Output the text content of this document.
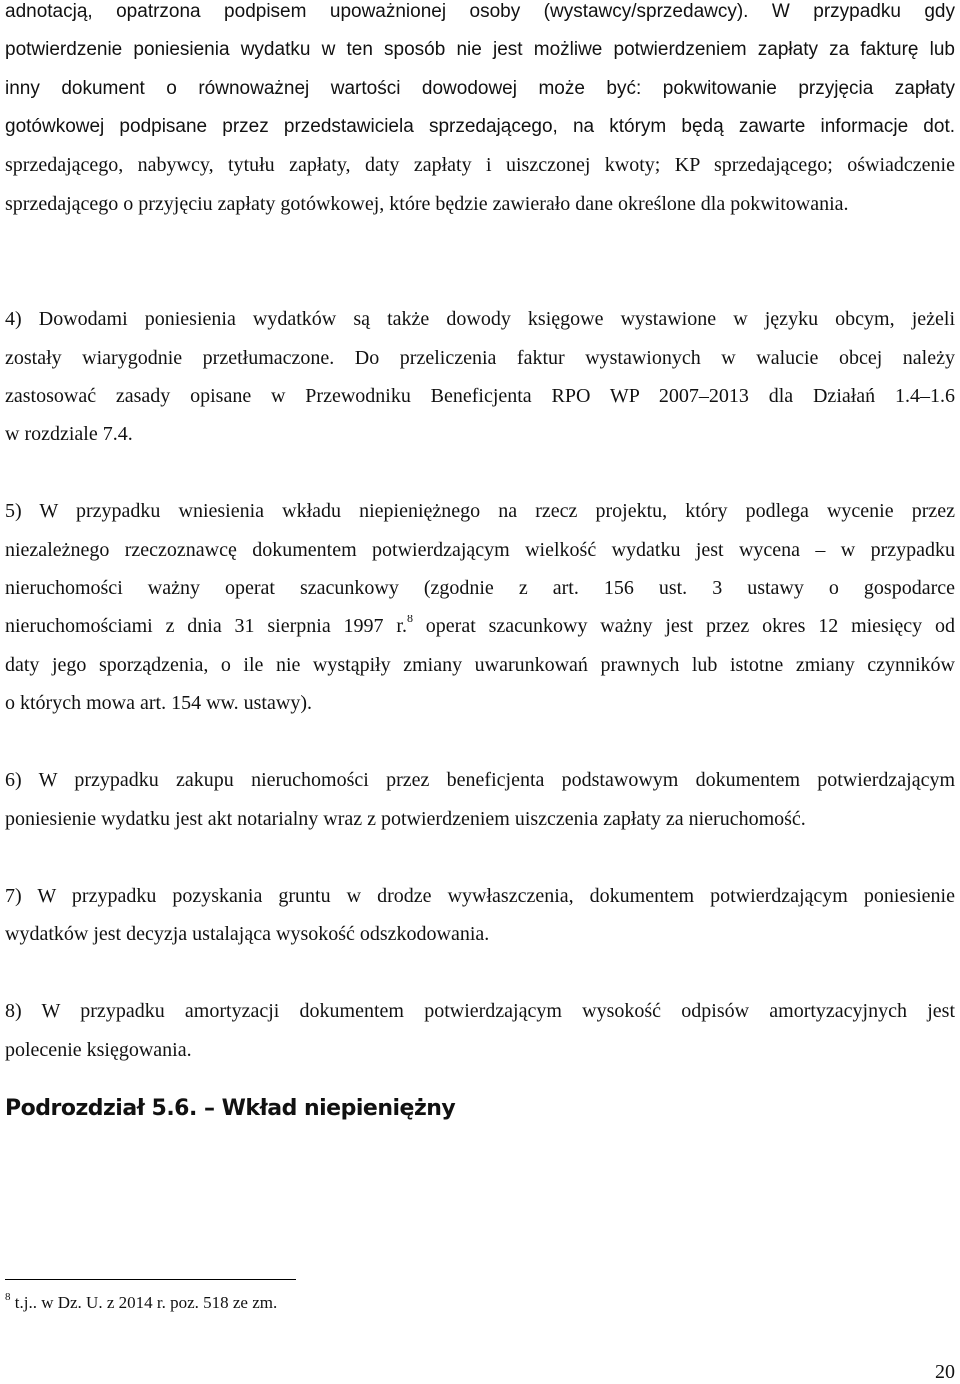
adnotacją, opatrzona podpisem upoważnionej osoby (wystawcy/sprzedawcy). W przypadku gdy

potwierdzenie poniesienia wydatku w ten sposób nie jest możliwe potwierdzeniem zapłaty za fakturę lub

inny dokument o równoważnej wartości dowodowej może być: pokwitowanie przyjęcia zapłaty

gotówkowej podpisane przez przedstawiciela sprzedającego, na którym będą zawarte informacje dot.

sprzedającego, nabywcy, tytułu zapłaty, daty zapłaty i uiszczonej kwoty; KP sprzedającego; oświadczenie

sprzedającego o przyjęciu zapłaty gotówkowej, które będzie zawierało dane określone dla pokwitowania.

4) Dowodami poniesienia wydatków są także dowody księgowe wystawione w języku obcym, jeżeli

zostały wiarygodnie przetłumaczone. Do przeliczenia faktur wystawionych w walucie obcej należy

zastosować zasady opisane w Przewodniku Beneficjenta RPO WP 2007–2013 dla Działań 1.4–1.6

w rozdziale 7.4.

5) W przypadku wniesienia wkładu niepieniężnego na rzecz projektu, który podlega wycenie przez

niezależnego rzeczoznawcę dokumentem potwierdzającym wielkość wydatku jest wycena – w przypadku

nieruchomości ważny operat szacunkowy (zgodnie z art. 156 ust. 3 ustawy o gospodarce

nieruchomościami z dnia 31 sierpnia 1997 r.$^8$ operat szacunkowy ważny jest przez okres 12 miesięcy od

daty jego sporządzenia, o ile nie wystąpiły zmiany uwarunkowań prawnych lub istotne zmiany czynników

o których mowa art. 154 ww. ustawy).

6) W przypadku zakupu nieruchomości przez beneficjenta podstawowym dokumentem potwierdzającym

poniesienie wydatku jest akt notarialny wraz z potwierdzeniem uiszczenia zapłaty za nieruchomość.

7) W przypadku pozyskania gruntu w drodze wywłaszczenia, dokumentem potwierdzającym poniesienie

wydatków jest decyzja ustalająca wysokość odszkodowania.

8) W przypadku amortyzacji dokumentem potwierdzającym wysokość odpisów amortyzacyjnych jest

polecenie księgowania.

Podrozdział 5.6. – Wkład niepieniężny

$^8$ t.j.. w Dz. U. z 2014 r. poz. 518 ze zm.

20
